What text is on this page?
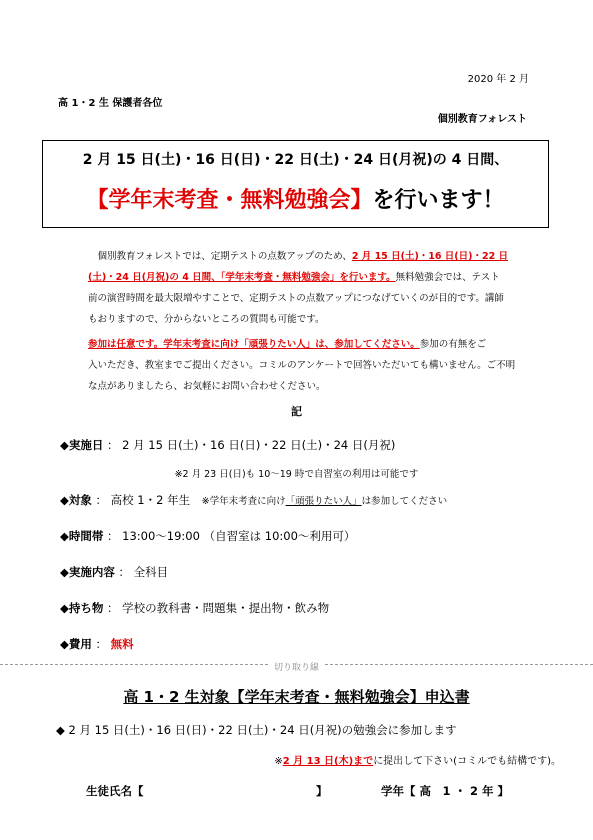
2020 年 2 月
高 1・2 生 保護者各位
個別教育フォレスト
2 月 15 日(土)・16 日(日)・22 日(土)・24 日(月祝)の 4 日間、
【学年末考査・無料勉強会】を行います！
　個別教育フォレストでは、定期テストの点数アップのため、2 月 15 日(土)・16 日(日)・22 日
(土)・24 日(月祝)の 4 日間、「学年末考査・無料勉強会」を行います。無料勉強会では、テスト
前の演習時間を最大限増やすことで、定期テストの点数アップにつなげていくのが目的です。講師
もおりますので、分からないところの質問も可能です。
参加は任意です。学年末考査に向け「頑張りたい人」は、参加してください。参加の有無をご
入いただき、教室までご提出ください。コミルのアンケートで回答いただいても構いません。ご不明
な点がありましたら、お気軽にお問い合わせください。
記
◆実施日 ： 2 月 15 日(土)・16 日(日)・22 日(土)・24 日(月祝)
※2 月 23 日(日)も 10～19 時で自習室の利用は可能です
◆対象 ： 高校 1・2 年生　 ※学年末考査に向け「頑張りたい人」は参加してください
◆時間帯 ： 13:00～19:00 （自習室は 10:00～利用可）
◆実施内容 ： 全科目
◆持ち物 ： 学校の教科書・問題集・提出物・飲み物
◆費用 ： 無料
切り取り線
高 1・2 生対象【学年末考査・無料勉強会】申込書
◆ 2 月 15 日(土)・16 日(日)・22 日(土)・24 日(月祝)の勉強会に参加します
※2 月 13 日(木)までに提出して下さい(コミルでも結構です)。
生徒氏名【　　　　　　　　　　　　　　　】	学年【 高　1 ・ 2 年 】
